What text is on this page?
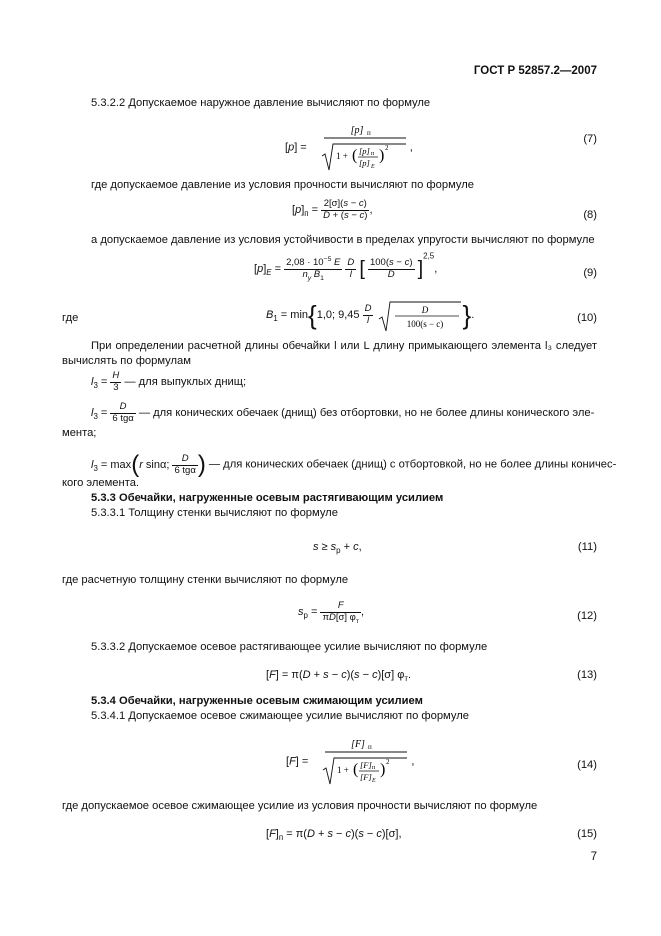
ГОСТ Р 52857.2—2007
5.3.2.2 Допускаемое наружное давление вычисляют по формуле
[p] =
[p] п
1 + ( [p] п
[p] E
) 2 ,
(7)
где допускаемое давление из условия прочности вычисляют по формуле
$[p]_п = \frac{2[\sigma](s - c)}{D + (s - c)}$ ,	(8)
а допускаемое давление из условия устойчивости в пределах упругости вычисляют по формуле
$[p]_E = \frac{2,08 \cdot 10^{-5} E}{n_y B_1}$
$\frac{D}{l}$ [ $\frac{100(s - c)}{D} ]^{2,5}$,	(9)
где	$B_1 = \min\{1,0$; $9,45 \frac{D}{l}$
	D
100(s − c) }.	(10)
При определении расчетной длины обечайки l или L длину примыкающего элемента l₃ следует вычислять по формулам
$l_3 = \frac{H}{3}$ — для выпуклых днищ;
$l_3 = \frac{D}{\text{6 tgα}}$ — для конических обечаек (днищ) без отбортовки, но не более длины конического эле-
мента;
$l_3 = \max(r$ sinα; $\frac{D}{\text{6 tgα}}$ ) — для конических обечаек (днищ) с отбортовкой, но не более длины коничес-
кого элемента.
5.3.3 Обечайки, нагруженные осевым растягивающим усилием
5.3.3.1 Толщину стенки вычисляют по формуле
$s \ge s_р + c$,	(11)
где расчетную толщину стенки вычисляют по формуле
$s_р = \frac{F}{\pi D[\sigma] \varphi_т}$ ,	(12)
5.3.3.2 Допускаемое осевое растягивающее усилие вычисляют по формуле
[F] = π(D + s − c)(s − c)[σ] $\varphi_т$.	(13)
5.3.4 Обечайки, нагруженные осевым сжимающим усилием
5.3.4.1 Допускаемое осевое сжимающее усилие вычисляют по формуле
[F] =
[F] п
1 + ( [F] п
[F] E
) 2 ,	(14)
где допускаемое осевое сжимающее усилие из условия прочности вычисляют по формуле
$[F]_п = \pi(D + s - c)(s - c)[\sigma]$,	(15)
7
